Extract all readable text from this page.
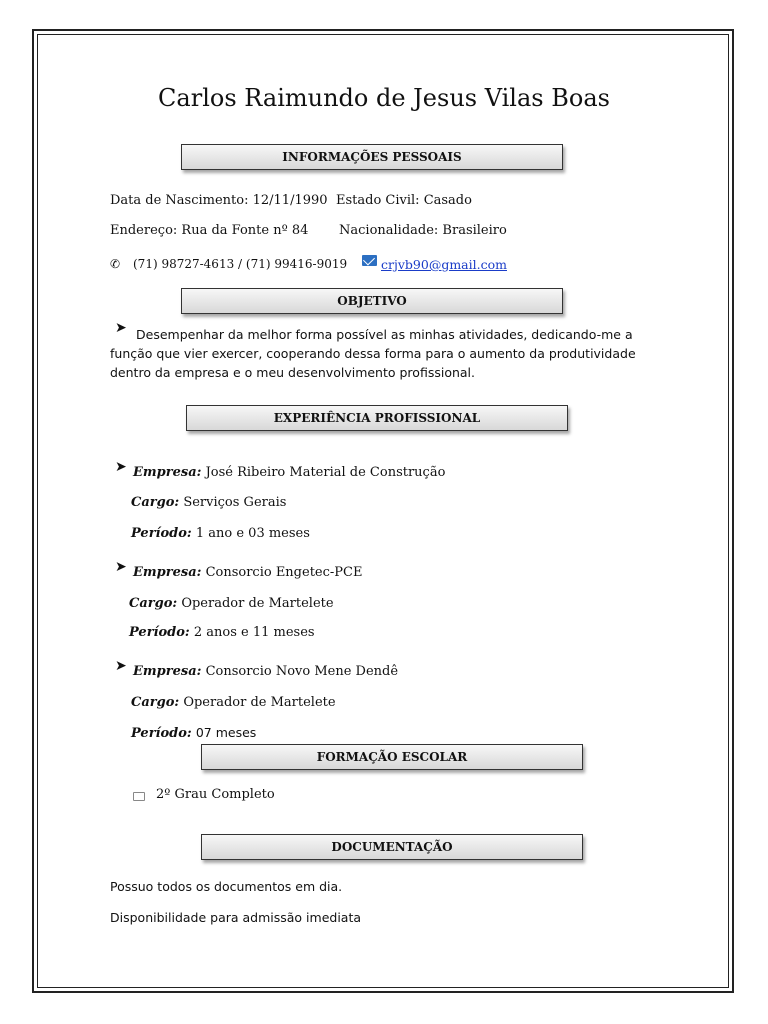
Carlos Raimundo de Jesus Vilas Boas
INFORMAÇÕES PESSOAIS
Data de Nascimento: 12/11/1990 Estado Civil: Casado
Endereço: Rua da Fonte nº 84 Nacionalidade: Brasileiro
✆ (71) 98727-4613 / (71) 99416-9019	crjvb90@gmail.com
OBJETIVO
➤ Desempenhar da melhor forma possível as minhas atividades, dedicando-me a função que vier exercer, cooperando dessa forma para o aumento da produtividade dentro da empresa e o meu desenvolvimento profissional.
EXPERIÊNCIA PROFISSIONAL
➤ Empresa: José Ribeiro Material de Construção
Cargo: Serviços Gerais
Período: 1 ano e 03 meses
➤ Empresa: Consorcio Engetec-PCE
Cargo: Operador de Martelete
Período: 2 anos e 11 meses
➤ Empresa: Consorcio Novo Mene Dendê
Cargo: Operador de Martelete
Período: 07 meses
FORMAÇÃO ESCOLAR
2º Grau Completo
DOCUMENTAÇÃO
Possuo todos os documentos em dia.
Disponibilidade para admissão imediata
